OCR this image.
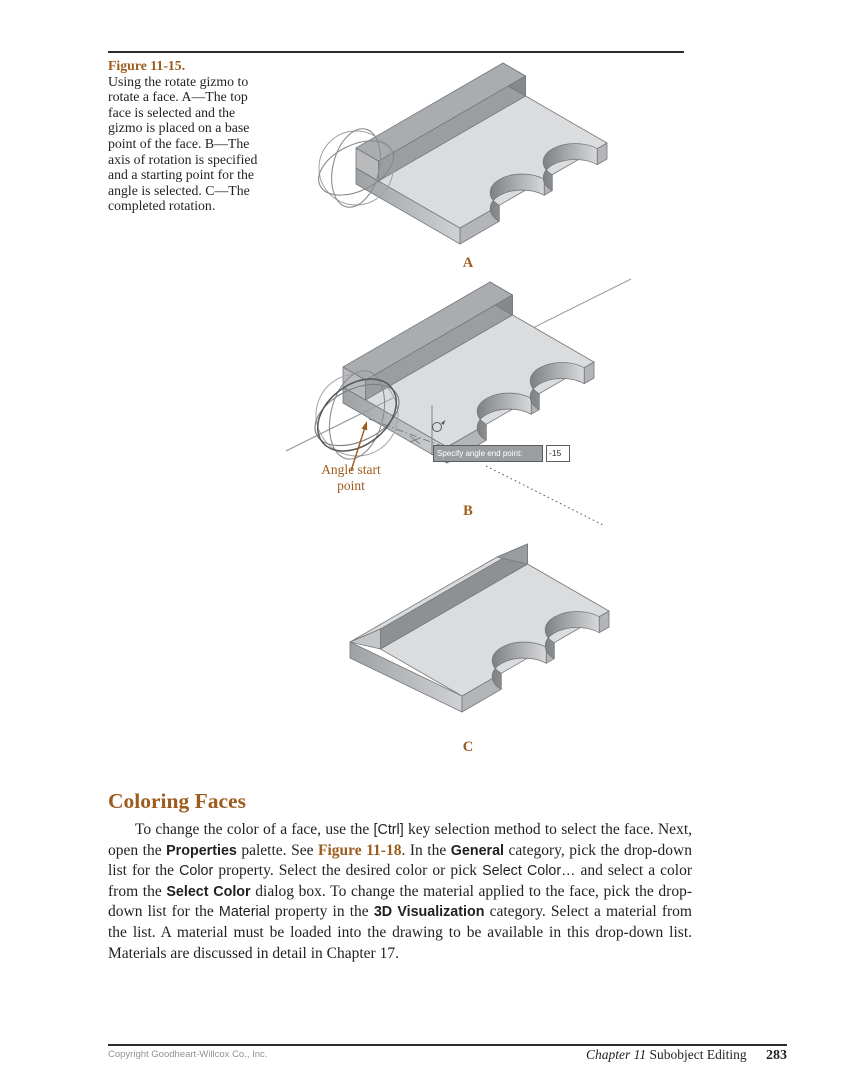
Figure 11-15.
Using the rotate gizmo to rotate a face. A—The top face is selected and the gizmo is placed on a base point of the face. B—The axis of rotation is specified and a starting point for the angle is selected. C—The completed rotation.
A
Angle start
point
Specify angle end point:	-15
B
C
Coloring Faces

To change the color of a face, use the [Ctrl] key selection method to select the face. Next, open the Properties palette. See Figure 11-18. In the General category, pick the drop-down list for the Color property. Select the desired color or pick Select Color… and select a color from the Select Color dialog box. To change the material applied to the face, pick the drop-down list for the Material property in the 3D Visualization category. Select a material from the list. A material must be loaded into the drawing to be available in this drop-down list. Materials are discussed in detail in Chapter 17.

Copyright Goodheart-Willcox Co., Inc.	Chapter 11 Subobject Editing 283
